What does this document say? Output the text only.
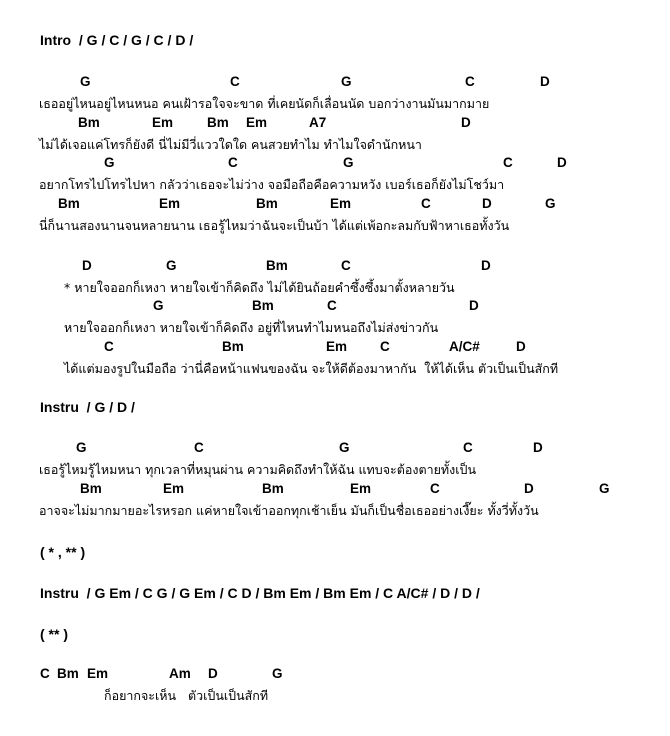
Intro  / G / C / G / C / D /
G	C	G	C	D
เธออยู่ไหนอยู่ไหนหนอ คนเฝ้ารอใจจะขาด ที่เคยนัดก็เลื่อนนัด บอกว่างานมันมากมาย
Bm	Em	Bm Em	A7	D
ไม่ได้เจอแค่โทรก็ยังดี นี่ไม่มีวี่แววใดใด คนสวยทำไม ทำไมใจดำนักหนา
G	C	G	C	D
อยากโทรไปโทรไปหา กลัวว่าเธอจะไม่ว่าง จอมือถือคือความหวัง เบอร์เธอก็ยังไม่โชว์มา
Bm	Em	Bm	Em	C	D	G
นี่ก็นานสองนานจนหลายนาน เธอรู้ไหมว่าฉันจะเป็นบ้า ได้แต่เพ้อกะลมกับฟ้าหาเธอทั้งวัน
D	G	Bm	C	D
* หายใจออกก็เหงา หายใจเข้าก็คิดถึง ไม่ได้ยินถ้อยคำซึ้งซึ้งมาตั้งหลายวัน
G	Bm	C	D
หายใจออกก็เหงา หายใจเข้าก็คิดถึง อยู่ที่ไหนทำไมหนอถึงไม่ส่งข่าวกัน
C	Bm	Em C	A/C#	D
ได้แต่มองรูปในมือถือ ว่านี่คือหน้าแฟนของฉัน จะให้ดีต้องมาหากัน  ให้ได้เห็น ตัวเป็นเป็นสักที
Instru  / G / D /
G	C	G	C	D
เธอรู้ไหมรู้ไหมหนา ทุกเวลาที่หมุนผ่าน ความคิดถึงทำให้ฉัน แทบจะต้องตายทั้งเป็น
Bm	Em	Bm	Em	C	D	G
อาจจะไม่มากมายอะไรหรอก แค่หายใจเข้าออกทุกเช้าเย็น มันก็เป็นชื่อเธออย่างเงี๊ยะ ทั้งวี่ทั้งวัน
( * , ** )
Instru  / G Em / C G / G Em / C D / Bm Em / Bm Em / C A/C# / D / D /
( ** )
C Bm Em	Am D	G
ก็อยากจะเห็น   ตัวเป็นเป็นสักที
